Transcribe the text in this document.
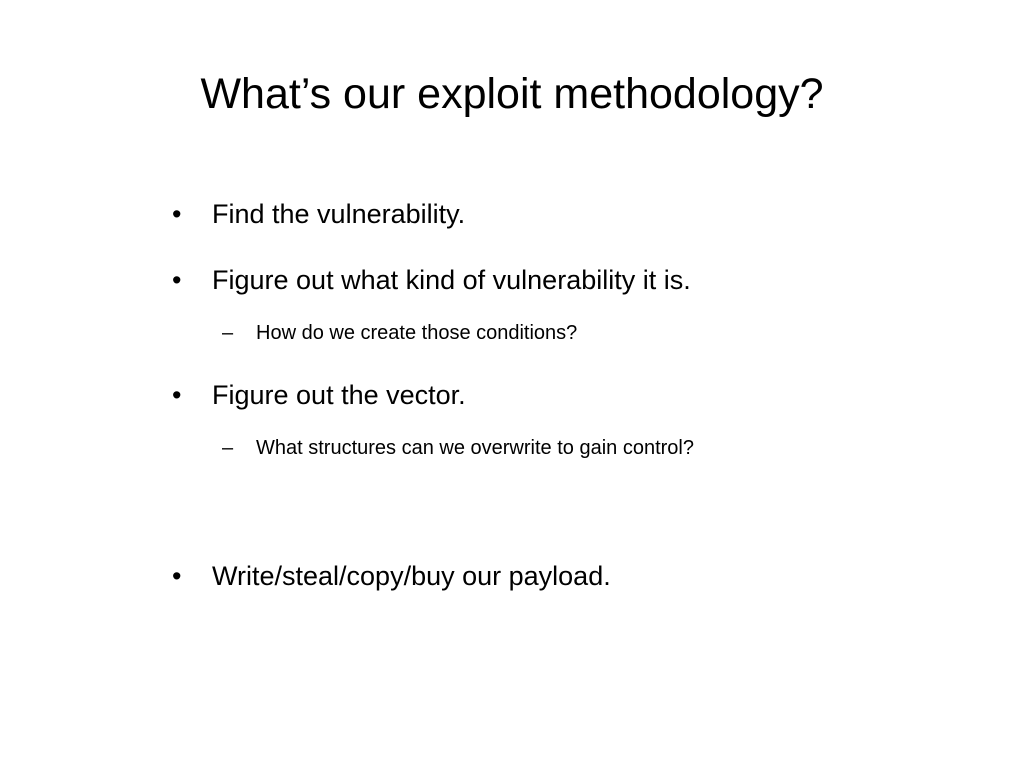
What’s our exploit methodology?
•	Find the vulnerability.
•	Figure out what kind of vulnerability it is.
–	How do we create those conditions?
•	Figure out the vector.
–	What structures can we overwrite to gain control?
•	Write/steal/copy/buy our payload.
